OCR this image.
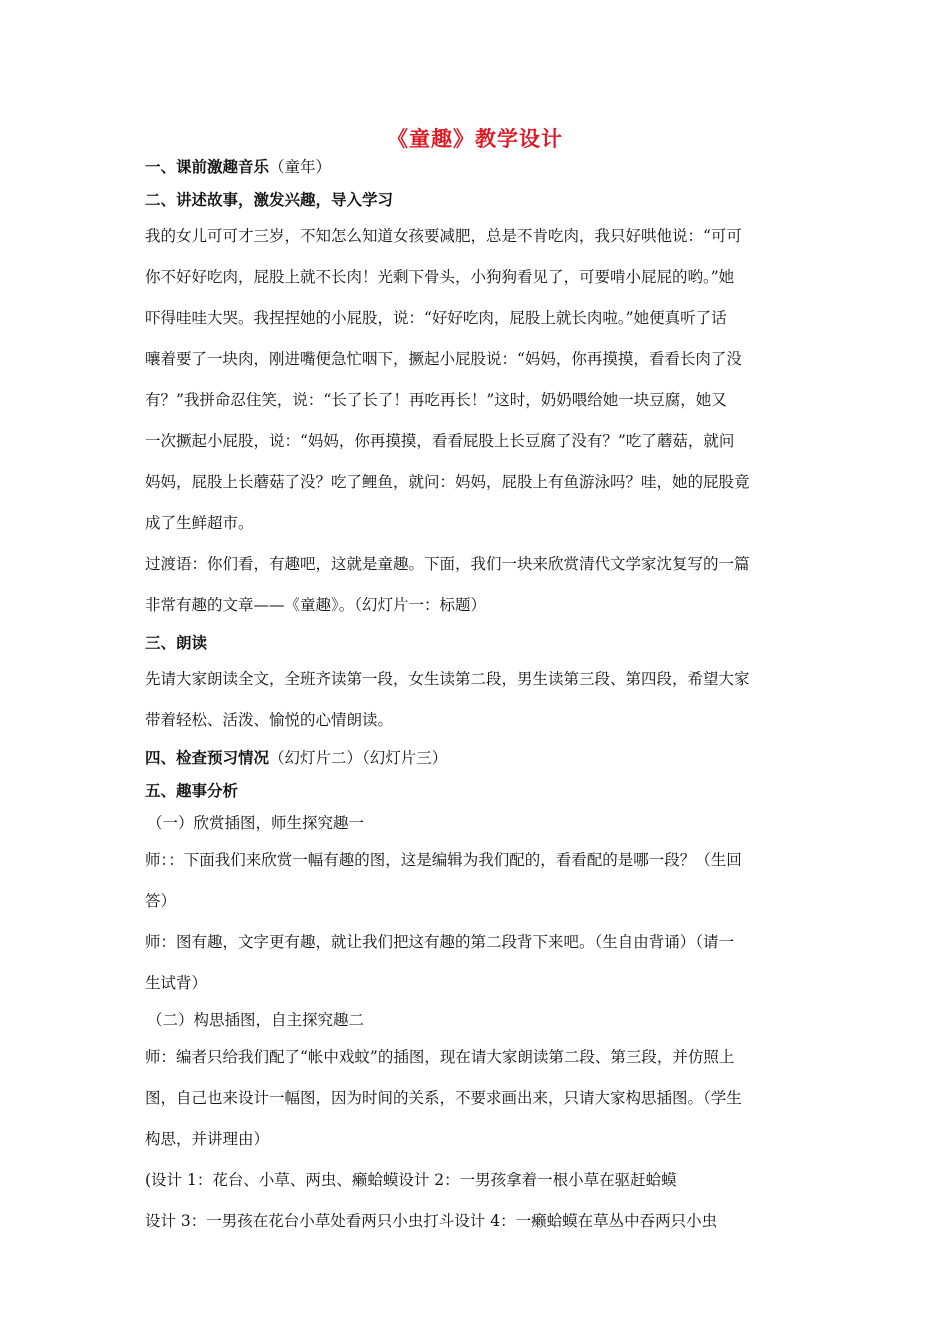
《童趣》教学设计
一、课前激趣音乐（童年）
二、讲述故事，激发兴趣，导入学习
我的女儿可可才三岁，不知怎么知道女孩要减肥，总是不肯吃肉，我只好哄他说：“可可
你不好好吃肉，屁股上就不长肉！光剩下骨头，小狗狗看见了，可要啃小屁屁的哟。”她
吓得哇哇大哭。我捏捏她的小屁股，说：“好好吃肉，屁股上就长肉啦。”她便真听了话
嚷着要了一块肉，刚进嘴便急忙咽下，撅起小屁股说：“妈妈，你再摸摸，看看长肉了没
有？”我拼命忍住笑，说：“长了长了！再吃再长！”这时，奶奶喂给她一块豆腐，她又
一次撅起小屁股，说：“妈妈，你再摸摸，看看屁股上长豆腐了没有？”吃了蘑菇，就问
妈妈，屁股上长蘑菇了没？吃了鲤鱼，就问：妈妈，屁股上有鱼游泳吗？哇，她的屁股竟
成了生鲜超市。
过渡语：你们看，有趣吧，这就是童趣。下面，我们一块来欣赏清代文学家沈复写的一篇
非常有趣的文章——《童趣》。（幻灯片一：标题）
三、朗读
先请大家朗读全文，全班齐读第一段，女生读第二段，男生读第三段、第四段，希望大家
带着轻松、活泼、愉悦的心情朗读。
四、检查预习情况（幻灯片二）（幻灯片三）
五、趣事分析
（一）欣赏插图，师生探究趣一
师：：下面我们来欣赏一幅有趣的图，这是编辑为我们配的，看看配的是哪一段？（生回
答）
师：图有趣，文字更有趣，就让我们把这有趣的第二段背下来吧。（生自由背诵）（请一
生试背）
（二）构思插图，自主探究趣二
师：编者只给我们配了“帐中戏蚊”的插图，现在请大家朗读第二段、第三段，并仿照上
图，自己也来设计一幅图，因为时间的关系，不要求画出来，只请大家构思插图。（学生
构思，并讲理由）
(设计 1：花台、小草、两虫、癞蛤蟆设计 2：一男孩拿着一根小草在驱赶蛤蟆
设计 3：一男孩在花台小草处看两只小虫打斗设计 4：一癞蛤蟆在草丛中吞两只小虫
